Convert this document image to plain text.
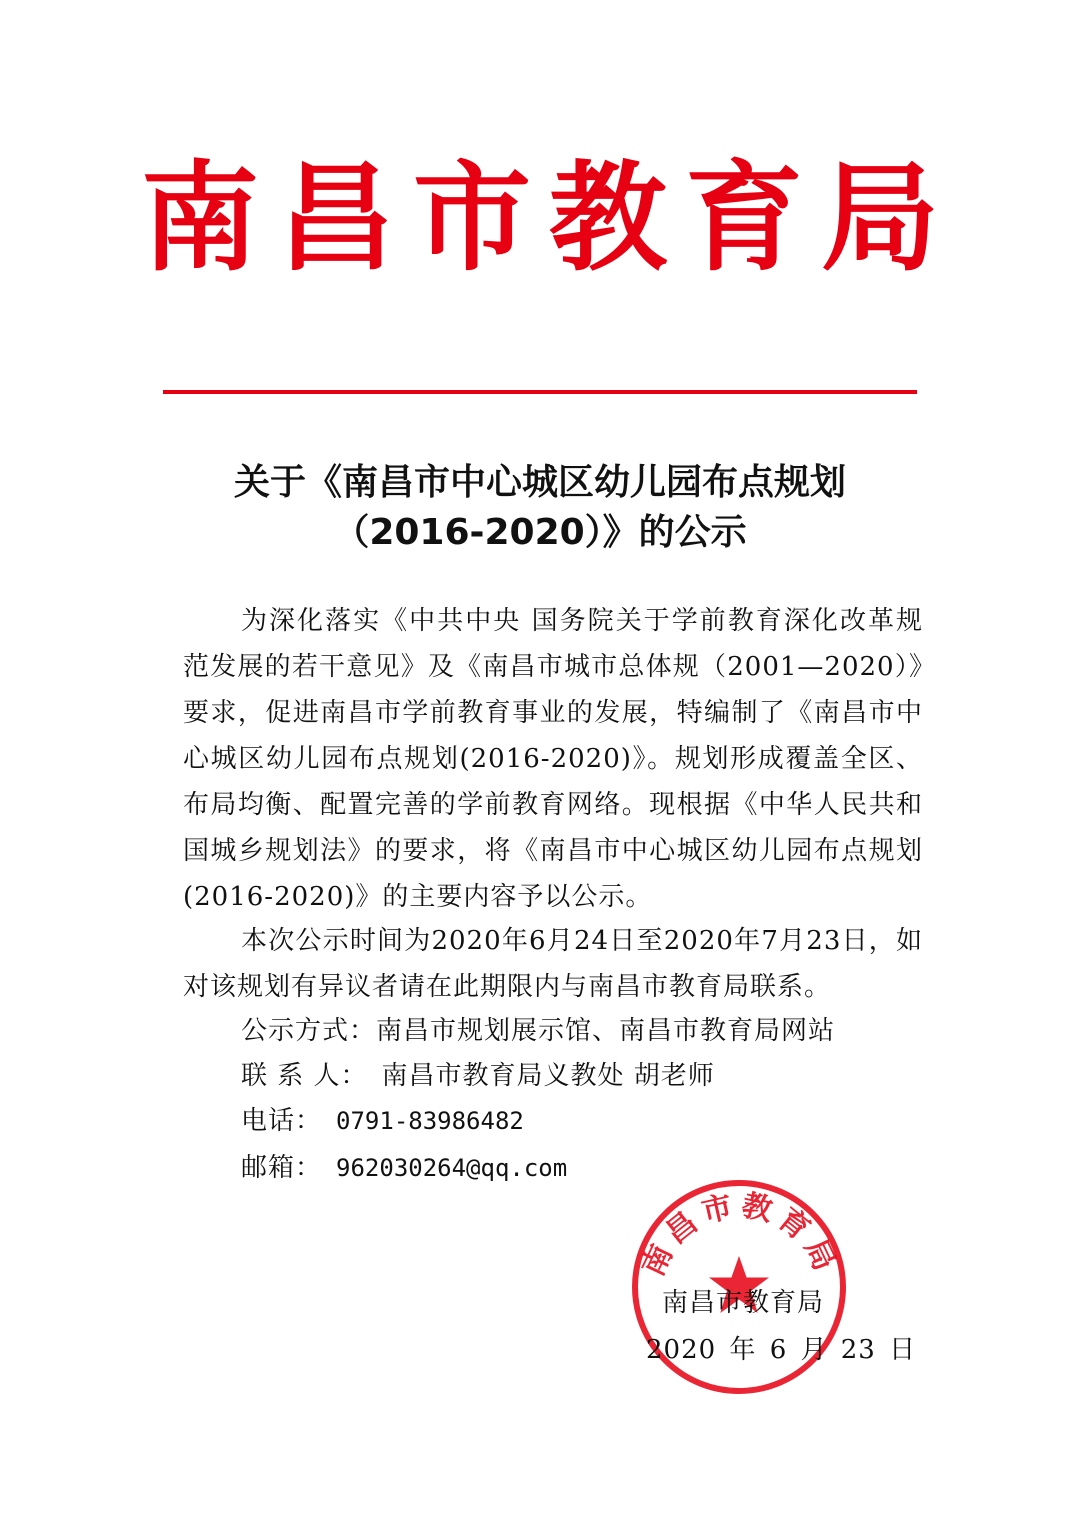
南昌市教育局
关于《南昌市中心城区幼儿园布点规划
（2016-2020）》的公示

为深化落实《中共中央 国务院关于学前教育深化改革规范发展的若干意见》及《南昌市城市总体规（2001—2020）》要求，促进南昌市学前教育事业的发展，特编制了《南昌市中心城区幼儿园布点规划(2016-2020)》。规划形成覆盖全区、布局均衡、配置完善的学前教育网络。现根据《中华人民共和国城乡规划法》的要求，将《南昌市中心城区幼儿园布点规划(2016-2020)》的主要内容予以公示。

本次公示时间为2020年6月24日至2020年7月23日，如对该规划有异议者请在此期限内与南昌市教育局联系。

公示方式：南昌市规划展示馆、南昌市教育局网站
联 系 人： 南昌市教育局义教处 胡老师
电话： 0791-83986482
邮箱： 962030264@qq.com
南昌市教育局
南昌市教育局
2020 年 6 月 23 日
